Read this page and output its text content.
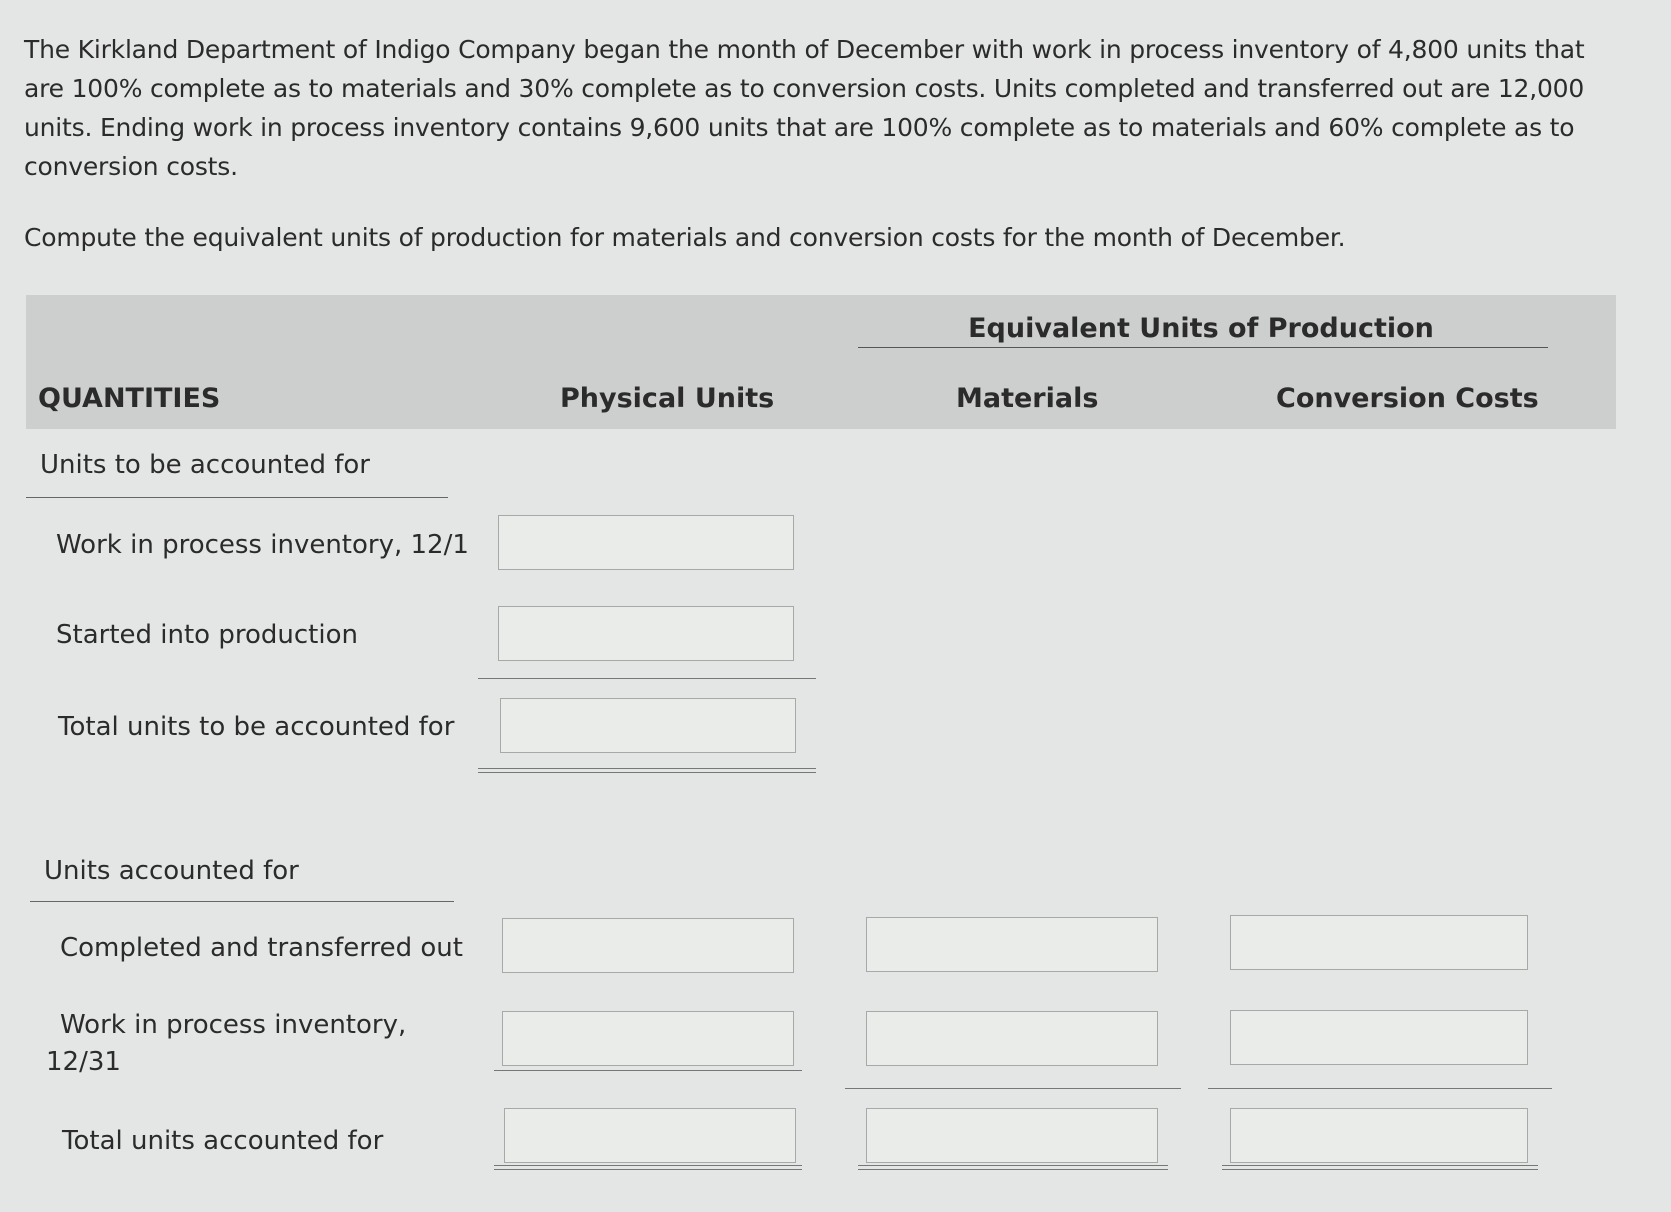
The Kirkland Department of Indigo Company began the month of December with work in process inventory of 4,800 units that are 100% complete as to materials and 30% complete as to conversion costs. Units completed and transferred out are 12,000 units. Ending work in process inventory contains 9,600 units that are 100% complete as to materials and 60% complete as to conversion costs.

Compute the equivalent units of production for materials and conversion costs for the month of December.

Equivalent Units of Production
QUANTITIES	Physical Units	Materials	Conversion Costs
Units to be accounted for
Work in process inventory, 12/1
Started into production
Total units to be accounted for
Units accounted for
Completed and transferred out
Work in process inventory,
12/31
Total units accounted for
